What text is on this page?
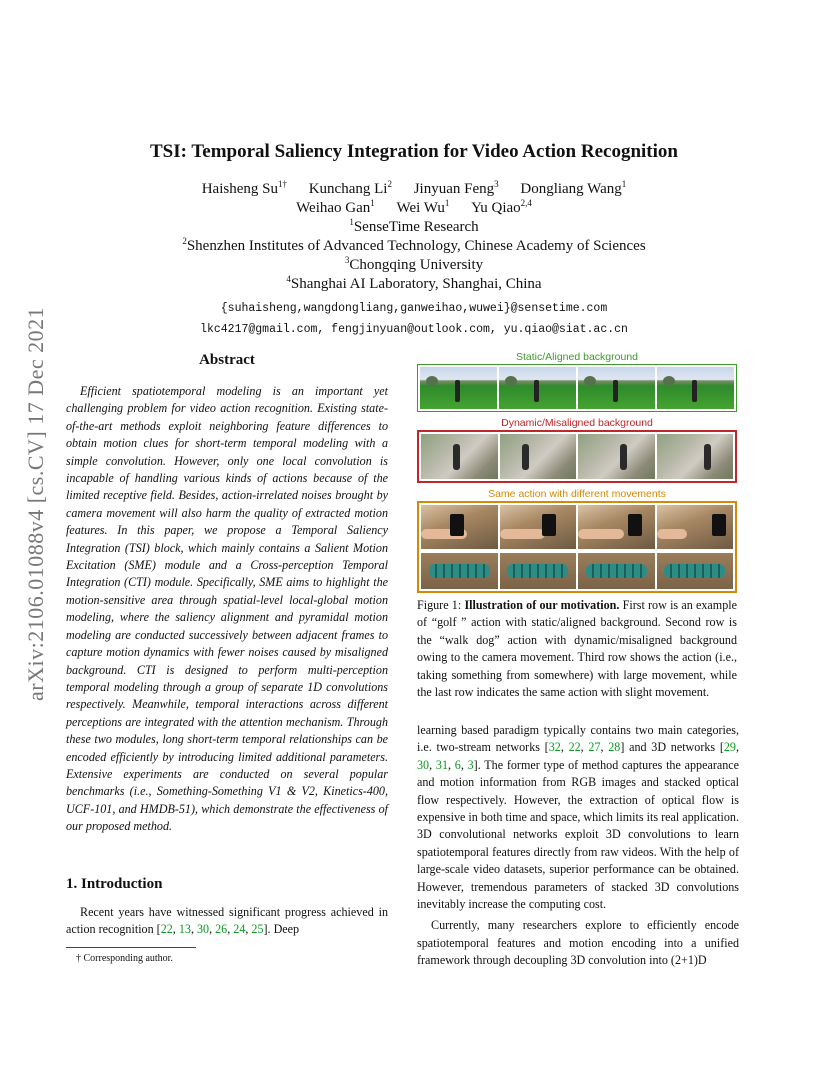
arXiv:2106.01088v4 [cs.CV] 17 Dec 2021
TSI: Temporal Saliency Integration for Video Action Recognition
Haisheng $Su^{1\dagger}$ Kunchang Li$^2$ Jinyuan Feng$^3$ Dongliang Wang$^1$
Weihao Gan$^1$ Wei Wu$^1$ Yu Qiao$^{2,4}$
$^1$SenseTime Research
$^2$Shenzhen Institutes of Advanced Technology, Chinese Academy of Sciences
$^3$Chongqing University
$^4$Shanghai AI Laboratory, Shanghai, China
{suhaisheng,wangdongliang,ganweihao,wuwei}@sensetime.com
lkc4217@gmail.com, fengjinyuan@outlook.com, yu.qiao@siat.ac.cn
Abstract

Efficient spatiotemporal modeling is an important yet challenging problem for video action recognition. Existing state-of-the-art methods exploit neighboring feature differences to obtain motion clues for short-term temporal modeling with a simple convolution. However, only one local convolution is incapable of handling various kinds of actions because of the limited receptive field. Besides, action-irrelated noises brought by camera movement will also harm the quality of extracted motion features. In this paper, we propose a Temporal Saliency Integration (TSI) block, which mainly contains a Salient Motion Excitation (SME) module and a Cross-perception Temporal Integration (CTI) module. Specifically, SME aims to highlight the motion-sensitive area through spatial-level local-global motion modeling, where the saliency alignment and pyramidal motion modeling are conducted successively between adjacent frames to capture motion dynamics with fewer noises caused by misaligned background. CTI is designed to perform multi-perception temporal modeling through a group of separate 1D convolutions respectively. Meanwhile, temporal interactions across different perceptions are integrated with the attention mechanism. Through these two modules, long short-term temporal relationships can be encoded efficiently by introducing limited additional parameters. Extensive experiments are conducted on several popular benchmarks (i.e., Something-Something V1 & V2, Kinetics-400, UCF-101, and HMDB-51), which demonstrate the effectiveness of our proposed method.

1. Introduction

Recent years have witnessed significant progress achieved in action recognition [22, 13, 30, 26, 24, 25]. Deep

† Corresponding author.
Static/Aligned background
Dynamic/Misaligned background
Same action with different movements
Figure 1: Illustration of our motivation. First row is an example of “golf ” action with static/aligned background. Second row is the “walk dog” action with dynamic/misaligned background owing to the camera movement. Third row shows the action (i.e., taking something from somewhere) with large movement, while the last row indicates the same action with slight movement.

learning based paradigm typically contains two main categories, i.e. two-stream networks [32, 22, 27, 28] and 3D networks [29, 30, 31, 6, 3]. The former type of method captures the appearance and motion information from RGB images and stacked optical flow respectively. However, the extraction of optical flow is expensive in both time and space, which limits its real application. 3D convolutional networks exploit 3D convolutions to learn spatiotemporal features directly from raw videos. With the help of large-scale video datasets, superior performance can be obtained. However, tremendous parameters of stacked 3D convolutions inevitably increase the computing cost.

Currently, many researchers explore to efficiently encode spatiotemporal features and motion encoding into a unified framework through decoupling 3D convolution into (2+1)D
